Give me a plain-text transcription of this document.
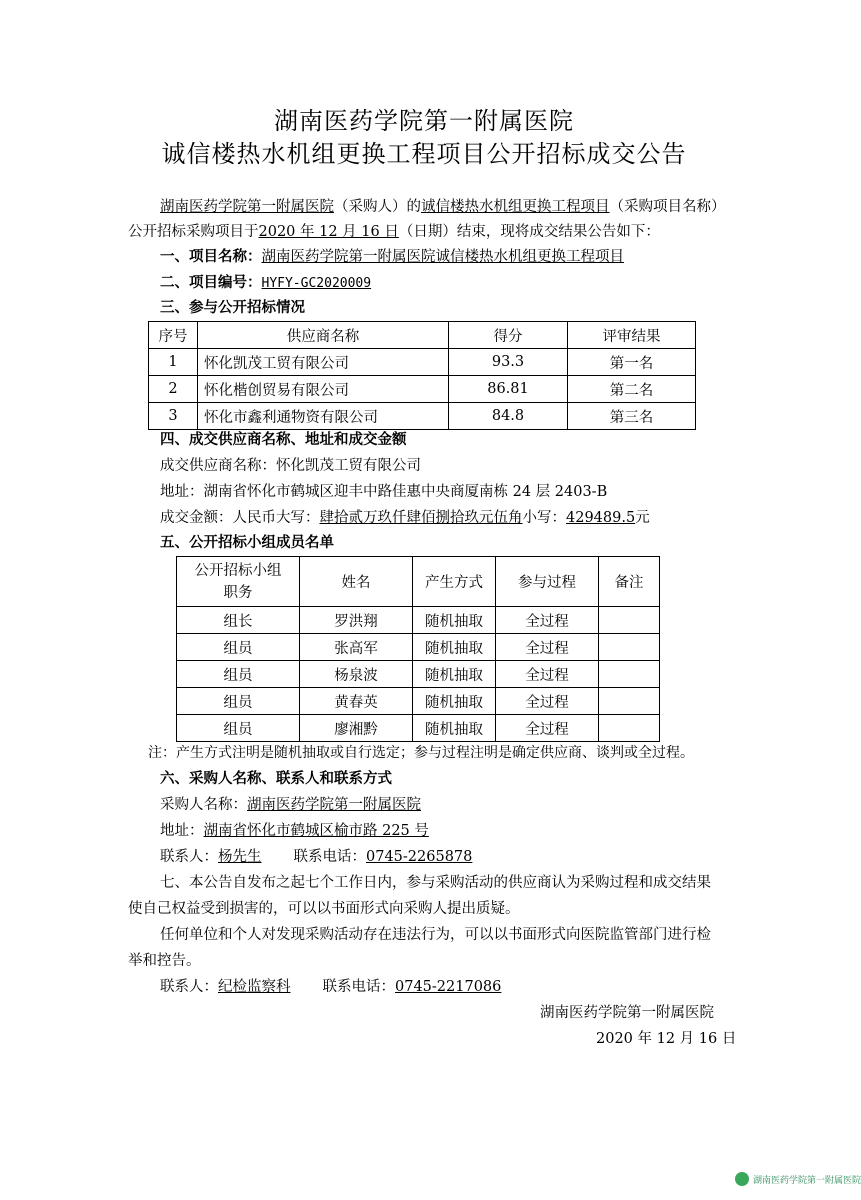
湖南医药学院第一附属医院
诚信楼热水机组更换工程项目公开招标成交公告
湖南医药学院第一附属医院（采购人）的诚信楼热水机组更换工程项目（采购项目名称）
公开招标采购项目于2020 年 12 月 16 日（日期）结束，现将成交结果公告如下：
一、项目名称：湖南医药学院第一附属医院诚信楼热水机组更换工程项目
二、项目编号：HYFY-GC2020009
三、参与公开招标情况
序号	供应商名称	得分	评审结果
1	怀化凯茂工贸有限公司	93.3	第一名
2	怀化楷创贸易有限公司	86.81	第二名
3	怀化市鑫利通物资有限公司	84.8	第三名
四、成交供应商名称、地址和成交金额
成交供应商名称：怀化凯茂工贸有限公司
地址：湖南省怀化市鹤城区迎丰中路佳惠中央商厦南栋 24 层 2403-B
成交金额：人民币大写：肆拾贰万玖仟肆佰捌拾玖元伍角小写：429489.5元
五、公开招标小组成员名单
公开招标小组
职务	姓名	产生方式	参与过程	备注
组长	罗洪翔	随机抽取	全过程	
组员	张高军	随机抽取	全过程	
组员	杨泉波	随机抽取	全过程	
组员	黄春英	随机抽取	全过程	
组员	廖湘黔	随机抽取	全过程	
注：产生方式注明是随机抽取或自行选定；参与过程注明是确定供应商、谈判或全过程。
六、采购人名称、联系人和联系方式
采购人名称：湖南医药学院第一附属医院
地址：湖南省怀化市鹤城区榆市路 225 号
联系人：杨先生 联系电话：0745-2265878
七、本公告自发布之起七个工作日内，参与采购活动的供应商认为采购过程和成交结果
使自己权益受到损害的，可以以书面形式向采购人提出质疑。
任何单位和个人对发现采购活动存在违法行为，可以以书面形式向医院监管部门进行检
举和控告。
联系人：纪检监察科 联系电话：0745-2217086
湖南医药学院第一附属医院
2020 年 12 月 16 日
湖南医药学院第一附属医院
